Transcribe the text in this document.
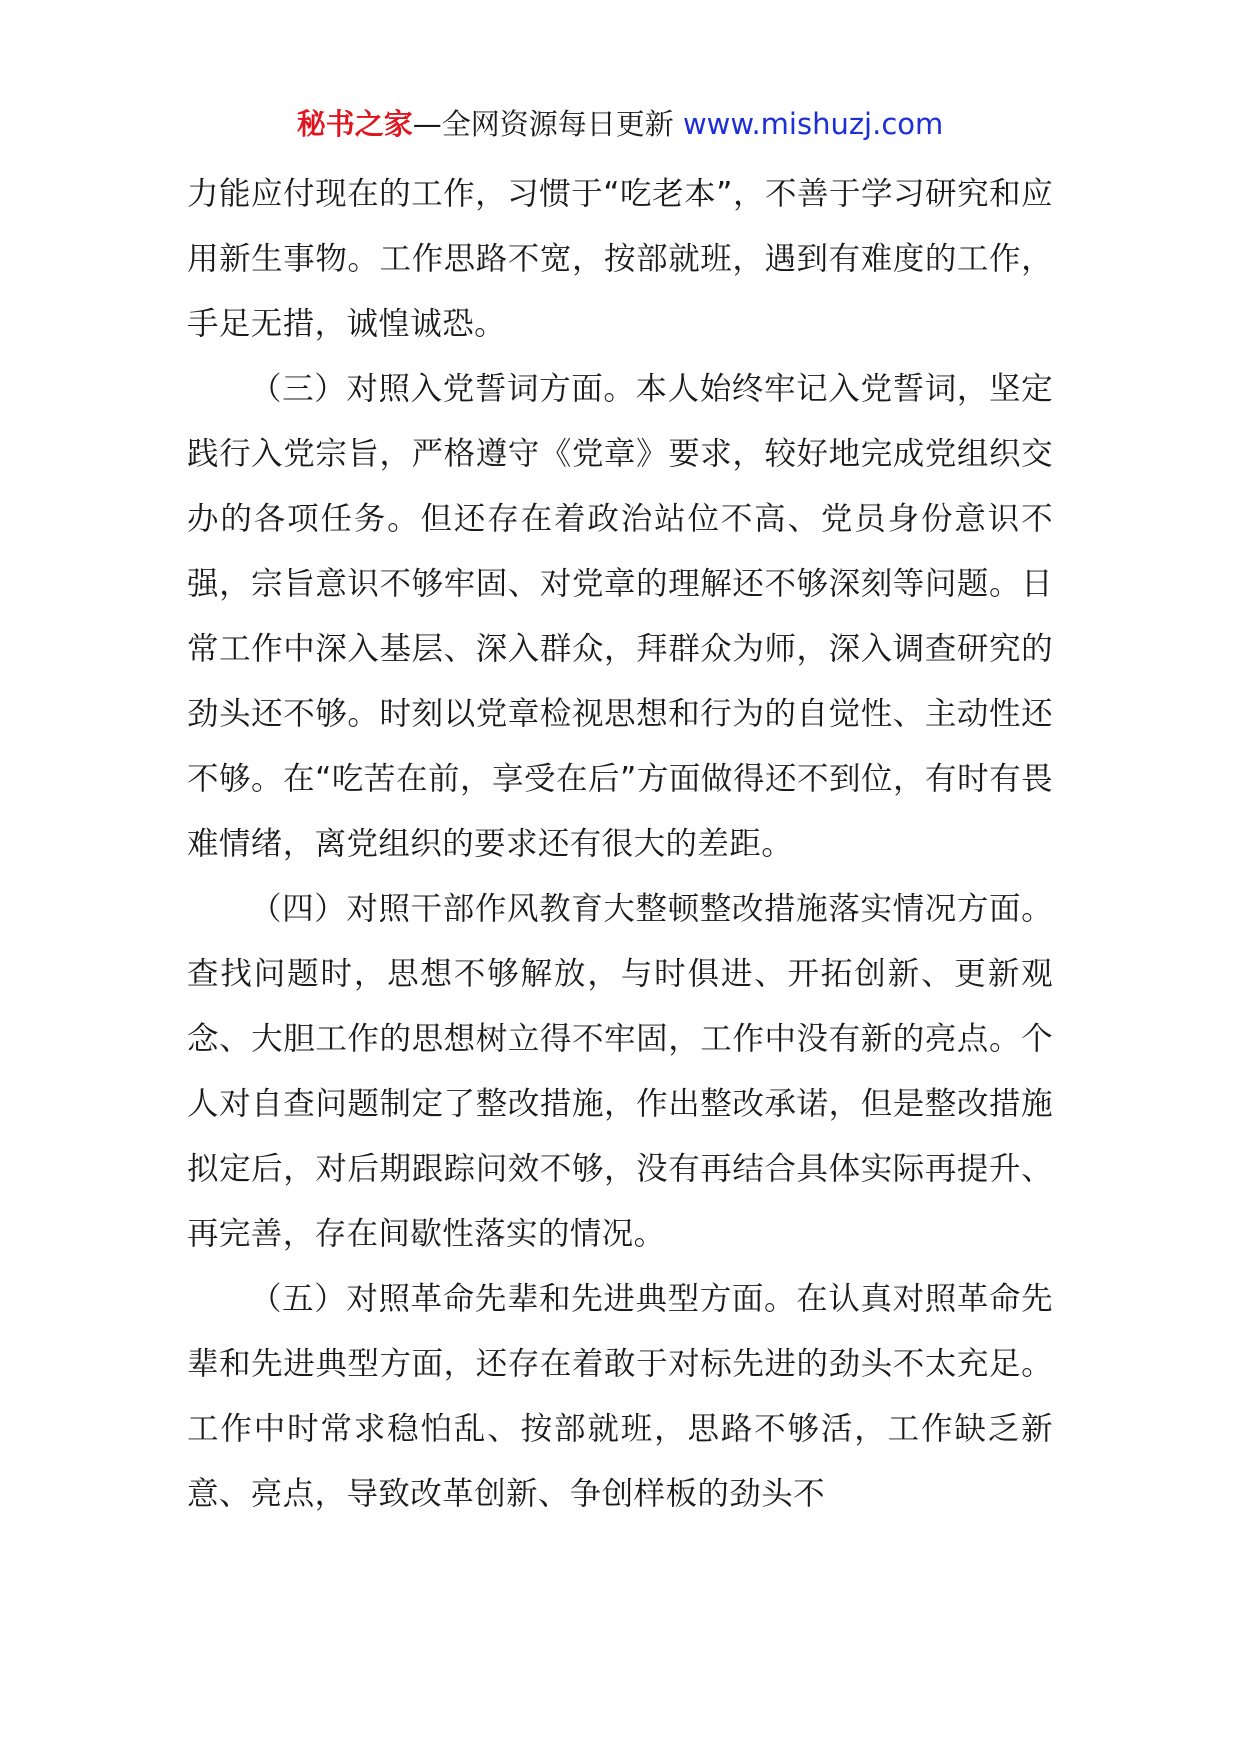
秘书之家—全网资源每日更新 www.mishuzj.com

力能应付现在的工作，习惯于“吃老本”，不善于学习研究和应用新生事物。工作思路不宽，按部就班，遇到有难度的工作，手足无措，诚惶诚恐。

（三）对照入党誓词方面。本人始终牢记入党誓词，坚定践行入党宗旨，严格遵守《党章》要求，较好地完成党组织交办的各项任务。但还存在着政治站位不高、党员身份意识不强，宗旨意识不够牢固、对党章的理解还不够深刻等问题。日常工作中深入基层、深入群众，拜群众为师，深入调查研究的劲头还不够。时刻以党章检视思想和行为的自觉性、主动性还不够。在“吃苦在前，享受在后”方面做得还不到位，有时有畏难情绪，离党组织的要求还有很大的差距。

（四）对照干部作风教育大整顿整改措施落实情况方面。查找问题时，思想不够解放，与时俱进、开拓创新、更新观念、大胆工作的思想树立得不牢固，工作中没有新的亮点。个人对自查问题制定了整改措施，作出整改承诺，但是整改措施拟定后，对后期跟踪问效不够，没有再结合具体实际再提升、再完善，存在间歇性落实的情况。

（五）对照革命先辈和先进典型方面。在认真对照革命先辈和先进典型方面，还存在着敢于对标先进的劲头不太充足。工作中时常求稳怕乱、按部就班，思路不够活，工作缺乏新意、亮点，导致改革创新、争创样板的劲头不
